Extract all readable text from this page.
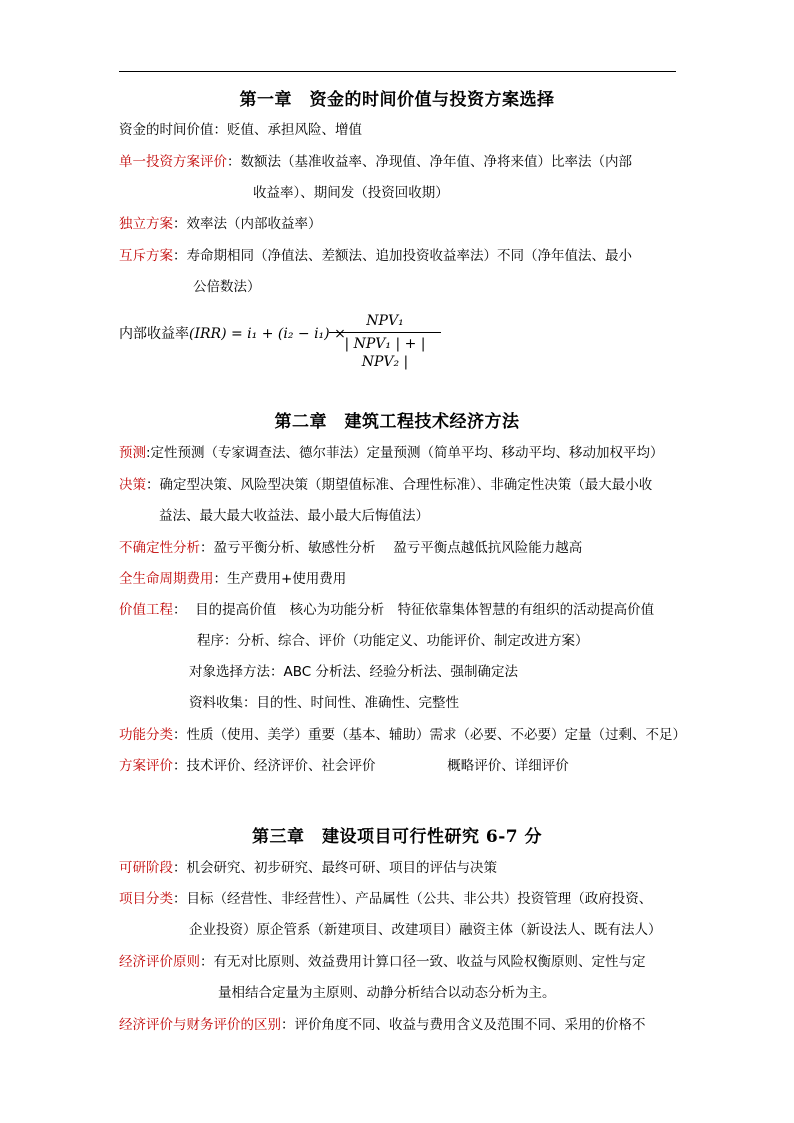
第一章　资金的时间价值与投资方案选择
资金的时间价值：贬值、承担风险、增值
单一投资方案评价：数额法（基准收益率、净现值、净年值、净将来值）比率法（内部
收益率）、期间发（投资回收期）
独立方案：效率法（内部收益率）
互斥方案：寿命期相同（净值法、差额法、追加投资收益率法）不同（净年值法、最小
公倍数法）
内部收益率(IRR) = i₁ + (i₂ − i₁) ×
NPV₁
| NPV₁ | + | NPV₂ |
第二章　建筑工程技术经济方法
预测:定性预测（专家调查法、德尔菲法）定量预测（简单平均、移动平均、移动加权平均）
决策：确定型决策、风险型决策（期望值标准、合理性标准）、非确定性决策（最大最小收
益法、最大最大收益法、最小最大后悔值法）
不确定性分析：盈亏平衡分析、敏感性分析　 盈亏平衡点越低抗风险能力越高
全生命周期费用：生产费用+使用费用
价值工程：  目的提高价值　核心为功能分析　特征依靠集体智慧的有组织的活动提高价值
程序：分析、综合、评价（功能定义、功能评价、制定改进方案）
对象选择方法：ABC 分析法、经验分析法、强制确定法
资料收集：目的性、时间性、准确性、完整性
功能分类：性质（使用、美学）重要（基本、辅助）需求（必要、不必要）定量（过剩、不足）
方案评价：技术评价、经济评价、社会评价　　　　　 概略评价、详细评价
第三章　建设项目可行性研究 6-7 分
可研阶段：机会研究、初步研究、最终可研、项目的评估与决策
项目分类：目标（经营性、非经营性）、产品属性（公共、非公共）投资管理（政府投资、
企业投资）原企管系（新建项目、改建项目）融资主体（新设法人、既有法人）
经济评价原则：有无对比原则、效益费用计算口径一致、收益与风险权衡原则、定性与定
量相结合定量为主原则、动静分析结合以动态分析为主。
经济评价与财务评价的区别：评价角度不同、收益与费用含义及范围不同、采用的价格不
